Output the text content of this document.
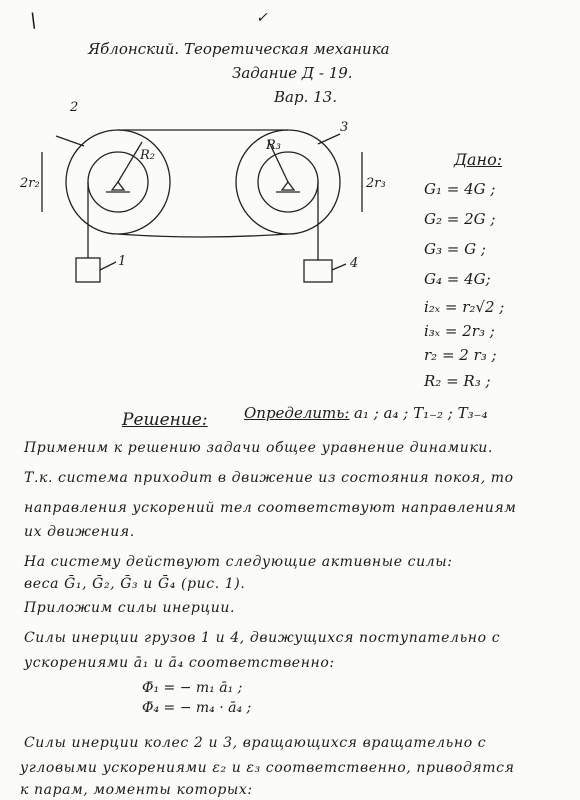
\	✓
Яблонский. Теоретическая механика
Задание Д - 19.
Вар. 13.
2
3
R₂
R₃
2r₂	2r₃
1	4
Дано:
G₁ = 4G ;
G₂ = 2G ;
G₃ = G ;
G₄ = 4G;
i₂ₓ = r₂√2 ;
i₃ₓ = 2r₃ ;
r₂ = 2 r₃ ;
R₂ = R₃ ;
Определить: a₁ ; a₄ ; T₁₋₂ ; T₃₋₄
Решение:
Применим к решению задачи общее уравнение динамики.
Т.к. система приходит в движение из состояния покоя, то
направления ускорений тел соответствуют направлениям
их движения.
На систему действуют следующие активные силы:
веса Ḡ₁, Ḡ₂, Ḡ₃ и Ḡ₄ (рис. 1).
Приложим силы инерции.
Силы инерции грузов 1 и 4, движущихся поступательно с
ускорениями ā₁ и ā₄ соответственно:
Φ̄₁ = − m₁ ā₁ ;
Φ̄₄ = − m₄ · ā₄ ;
Силы инерции колес 2 и 3, вращающихся вращательно с
угловыми ускорениями ε₂ и ε₃ соответственно, приводятся
к парам, моменты которых:
